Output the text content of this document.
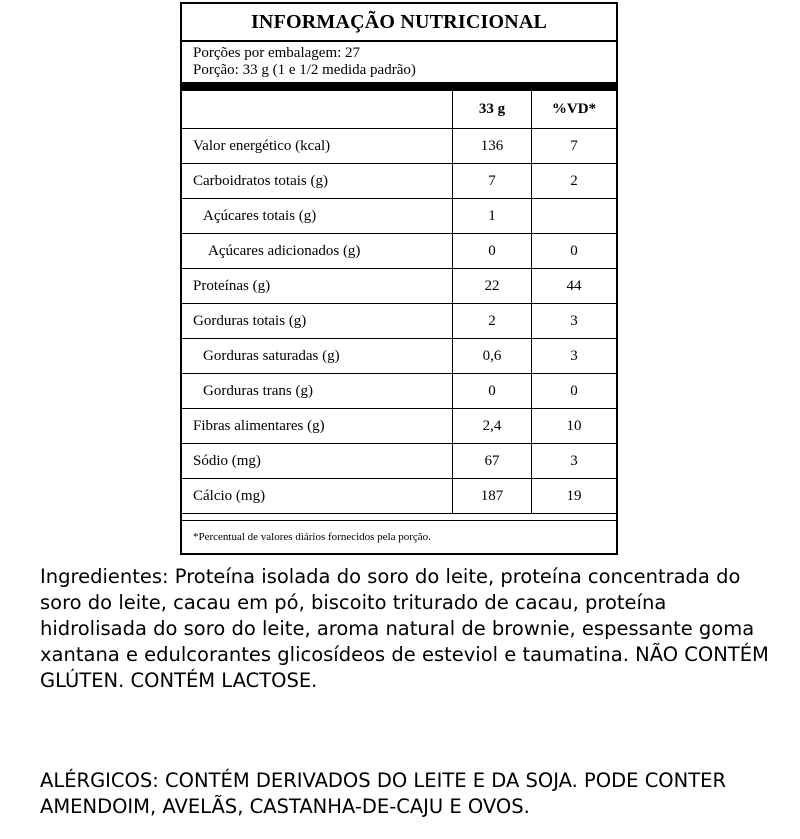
INFORMAÇÃO NUTRICIONAL
Porções por embalagem: 27
Porção: 33 g (1 e 1/2 medida padrão)
	33 g	%VD*
Valor energético (kcal)	136	7
Carboidratos totais (g)	7	2
Açúcares totais (g)	1	
Açúcares adicionados (g)	0	0
Proteínas (g)	22	44
Gorduras totais (g)	2	3
Gorduras saturadas (g)	0,6	3
Gorduras trans (g)	0	0
Fibras alimentares (g)	2,4	10
Sódio (mg)	67	3
Cálcio (mg)	187	19
*Percentual de valores diários fornecidos pela porção.

Ingredientes: Proteína isolada do soro do leite, proteína concentrada do soro do leite, cacau em pó, biscoito triturado de cacau, proteína hidrolisada do soro do leite, aroma natural de brownie, espessante goma xantana e edulcorantes glicosídeos de esteviol e taumatina. NÃO CONTÉM GLÚTEN. CONTÉM LACTOSE.

ALÉRGICOS: CONTÉM DERIVADOS DO LEITE E DA SOJA. PODE CONTER AMENDOIM, AVELÃS, CASTANHA-DE-CAJU E OVOS.
